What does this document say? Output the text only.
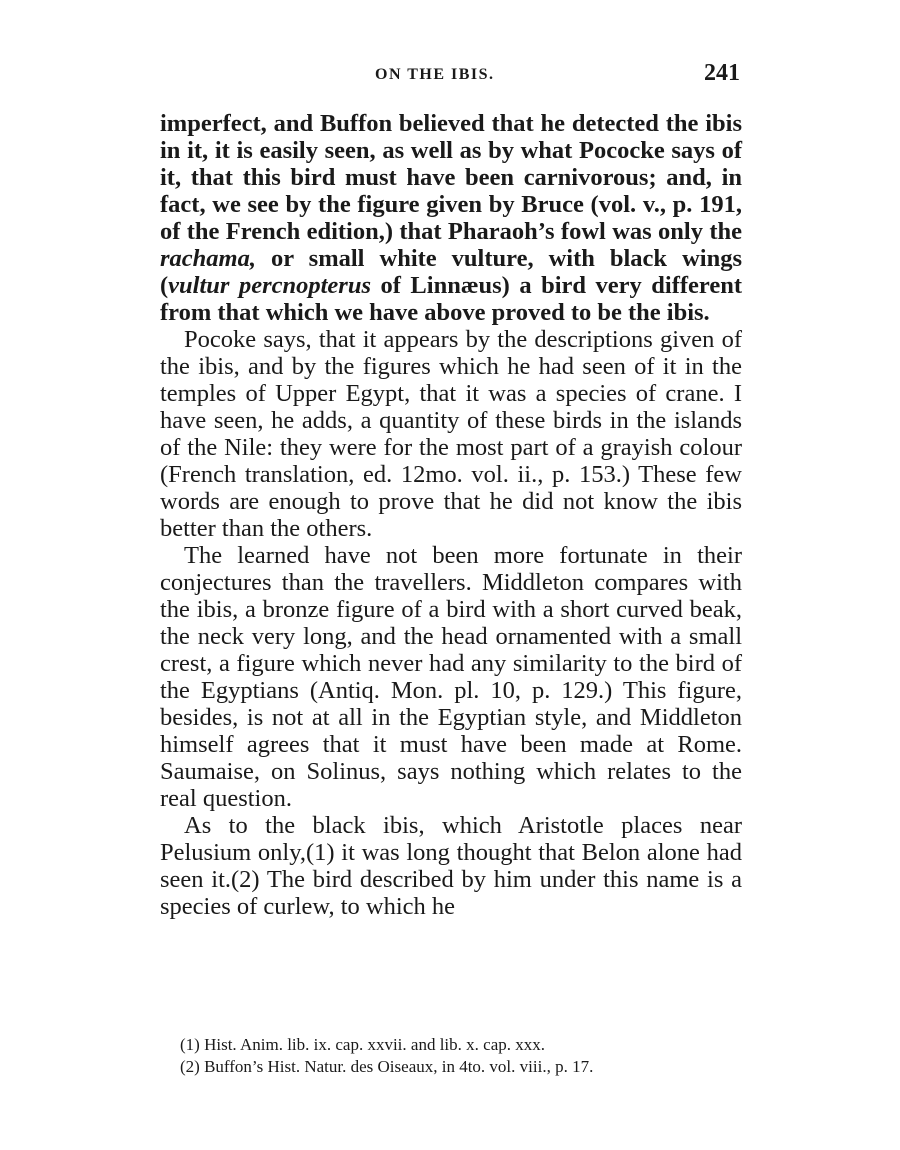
ON THE IBIS.	241

imperfect, and Buffon believed that he detected the ibis in it, it is easily seen, as well as by what Pococke says of it, that this bird must have been carnivorous; and, in fact, we see by the figure given by Bruce (vol. v., p. 191, of the French edition,) that Pharaoh’s fowl was only the rachama, or small white vulture, with black wings (vultur percnopterus of Linnæus) a bird very different from that which we have above proved to be the ibis.

Pocoke says, that it appears by the descriptions given of the ibis, and by the figures which he had seen of it in the temples of Upper Egypt, that it was a species of crane. I have seen, he adds, a quantity of these birds in the islands of the Nile: they were for the most part of a grayish colour (French translation, ed. 12mo. vol. ii., p. 153.) These few words are enough to prove that he did not know the ibis better than the others.

The learned have not been more fortunate in their conjectures than the travellers. Middleton compares with the ibis, a bronze figure of a bird with a short curved beak, the neck very long, and the head ornamented with a small crest, a figure which never had any similarity to the bird of the Egyptians (Antiq. Mon. pl. 10, p. 129.) This figure, besides, is not at all in the Egyptian style, and Middleton himself agrees that it must have been made at Rome. Saumaise, on Solinus, says nothing which relates to the real question.

As to the black ibis, which Aristotle places near Pelusium only,(1) it was long thought that Belon alone had seen it.(2) The bird described by him under this name is a species of curlew, to which he

(1) Hist. Anim. lib. ix. cap. xxvii. and lib. x. cap. xxx.

(2) Buffon’s Hist. Natur. des Oiseaux, in 4to. vol. viii., p. 17.
